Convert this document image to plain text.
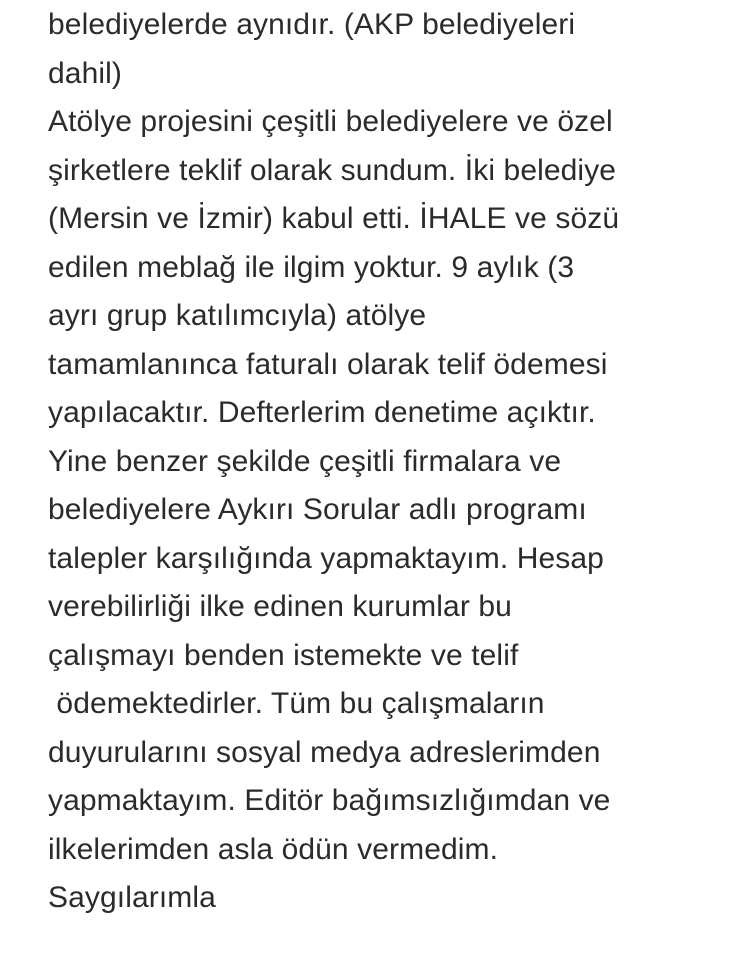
belediyelerde aynıdır. (AKP belediyeleri
dahil)
Atölye projesini çeşitli belediyelere ve özel
şirketlere teklif olarak sundum. İki belediye
(Mersin ve İzmir) kabul etti. İHALE ve sözü
edilen meblağ ile ilgim yoktur. 9 aylık (3
ayrı grup katılımcıyla) atölye
tamamlanınca faturalı olarak telif ödemesi
yapılacaktır. Defterlerim denetime açıktır.
Yine benzer şekilde çeşitli firmalara ve
belediyelere Aykırı Sorular adlı programı
talepler karşılığında yapmaktayım. Hesap
verebilirliği ilke edinen kurumlar bu
çalışmayı benden istemekte ve telif
ödemektedirler. Tüm bu çalışmaların
duyurularını sosyal medya adreslerimden
yapmaktayım. Editör bağımsızlığımdan ve
ilkelerimden asla ödün vermedim.
Saygılarımla
